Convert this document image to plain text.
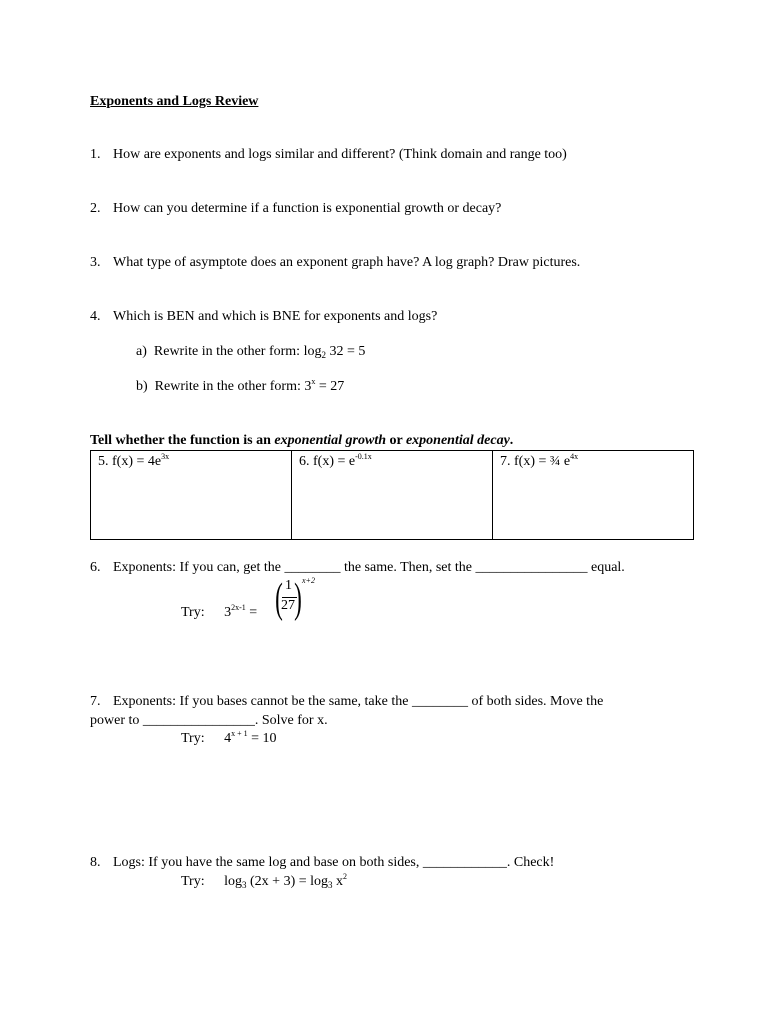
Exponents and Logs Review
1. How are exponents and logs similar and different? (Think domain and range too)
2. How can you determine if a function is exponential growth or decay?
3. What type of asymptote does an exponent graph have? A log graph? Draw pictures.
4. Which is BEN and which is BNE for exponents and logs?
a) Rewrite in the other form: $\log_2 32 = 5$
b) Rewrite in the other form: $3^x = 27$
Tell whether the function is an exponential growth or exponential decay.
5. $f(x) = 4e^{3x}$	6. $f(x) = e^{-0.1x}$	7. f(x) = ¾ $e^{4x}$
6. Exponents: If you can, get the ________ the same. Then, set the ________________ equal.
Try: $3^{2x-1}$ = ( 1
27 ) x+2
7. Exponents: If you bases cannot be the same, take the ________ of both sides. Move the
power to ________________. Solve for x.
Try: $4^{x + 1} = 10$
8. Logs: If you have the same log and base on both sides, ____________. Check!
Try: $\log_3 (2x + 3) = \log_3 x^2$
